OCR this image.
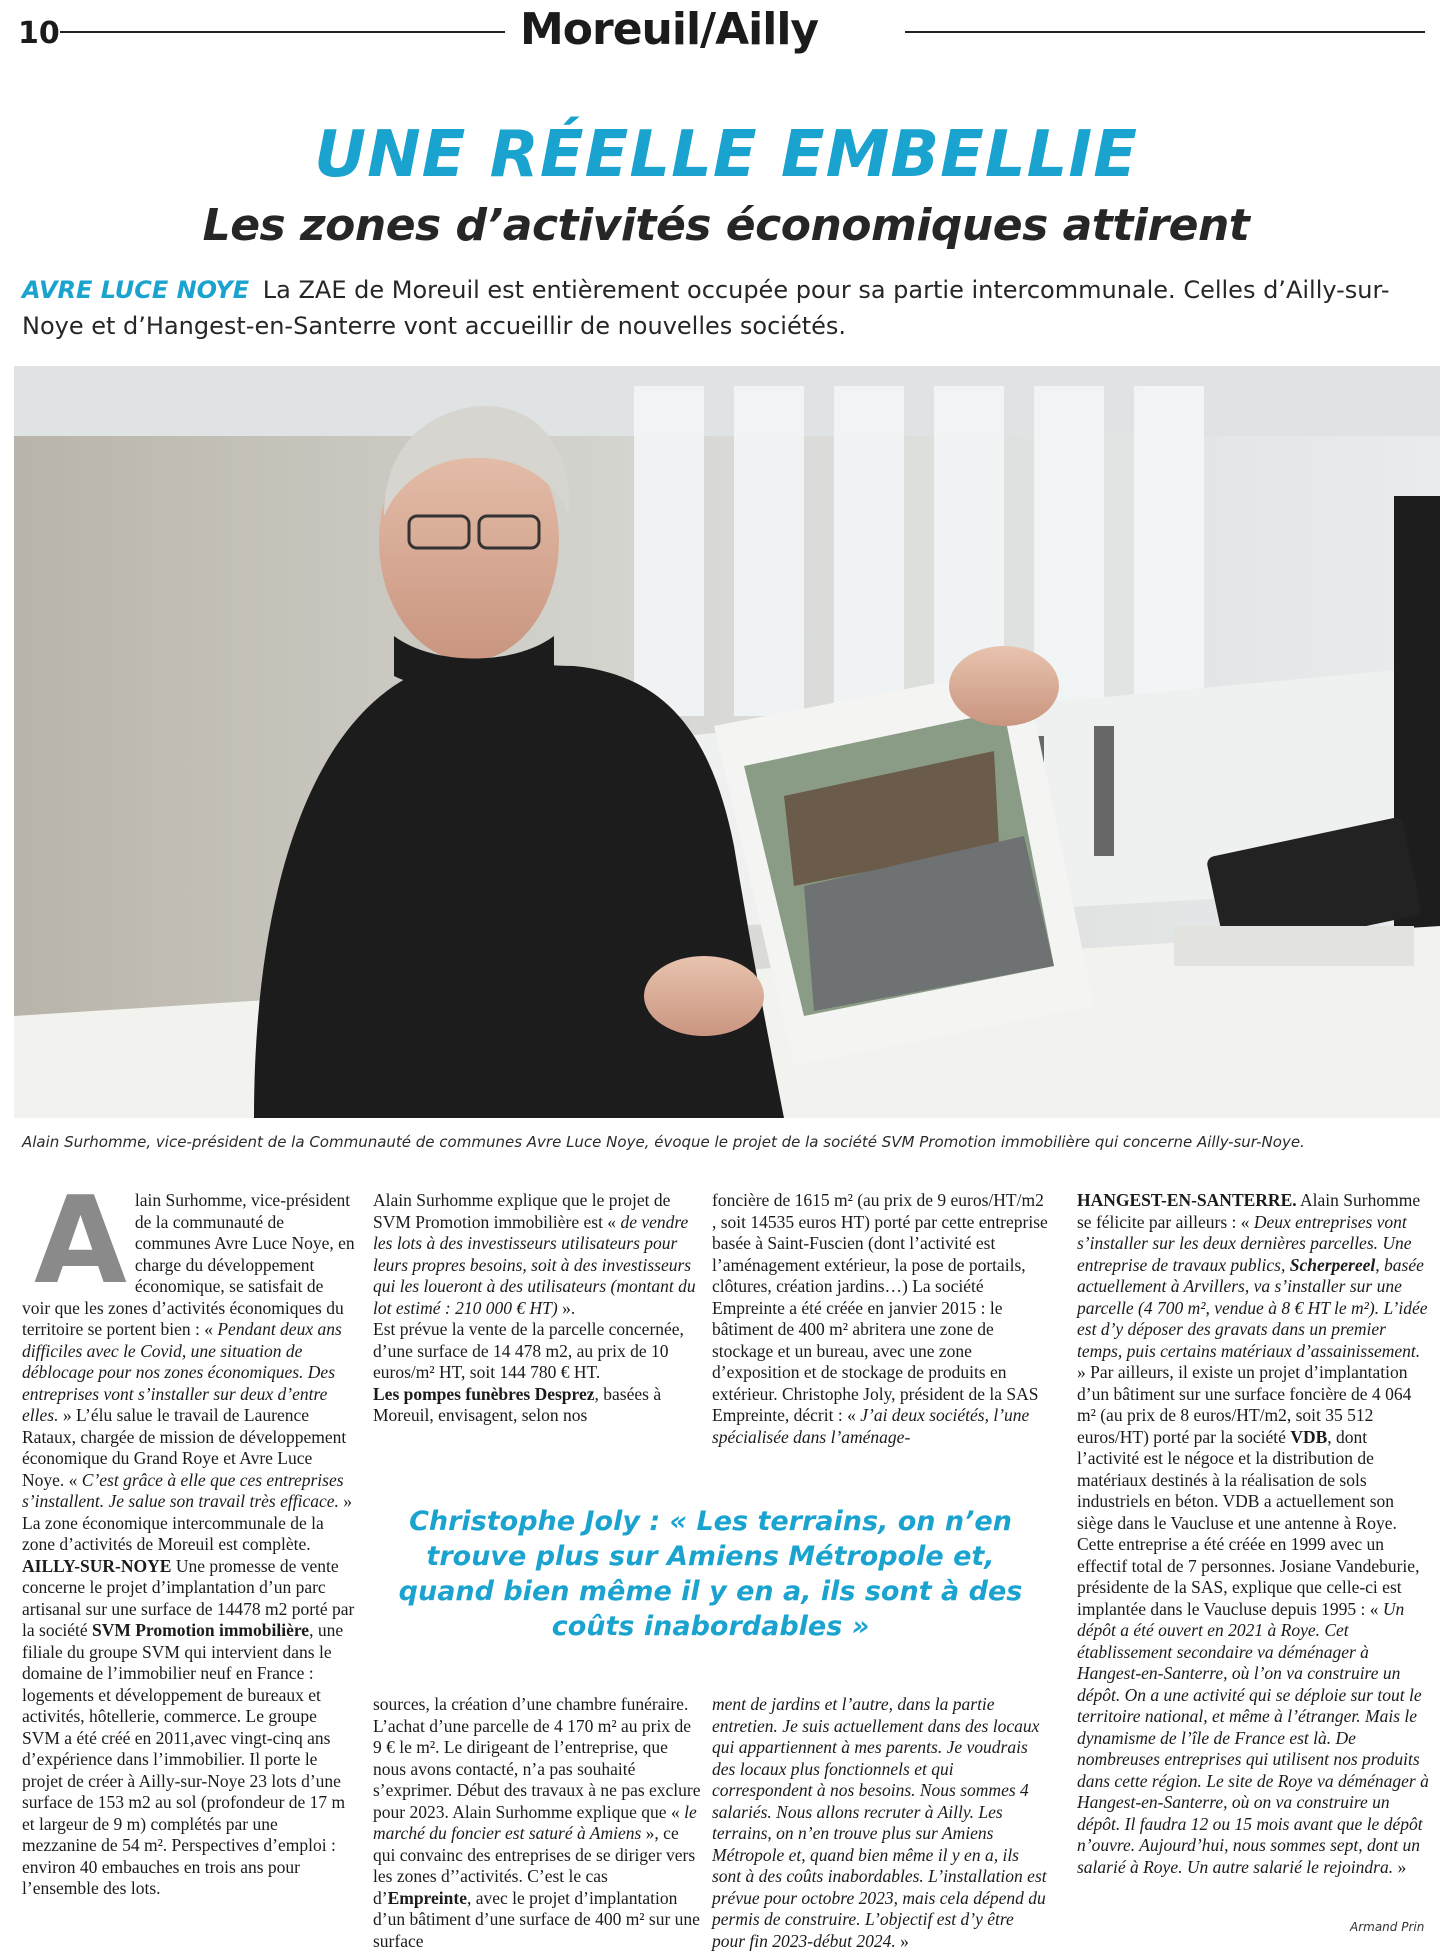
10	Moreuil/Ailly
UNE RÉELLE EMBELLIE
Les zones d’activités économiques attirent
AVRE LUCE NOYE La ZAE de Moreuil est entièrement occupée pour sa partie intercommunale. Celles d’Ailly-sur-Noye et d’Hangest-en-Santerre vont accueillir de nouvelles sociétés.
Alain Surhomme, vice-président de la Communauté de communes Avre Luce Noye, évoque le projet de la société SVM Promotion immobilière qui concerne Ailly-sur-Noye.

Alain Surhomme, vice-président de la communauté de communes Avre Luce Noye, en charge du développement économique, se satisfait de voir que les zones d’activités économiques du territoire se portent bien : « Pendant deux ans difficiles avec le Covid, une situation de déblocage pour nos zones économiques. Des entreprises vont s’installer sur deux d’entre elles. » L’élu salue le travail de Laurence Rataux, chargée de mission de développement économique du Grand Roye et Avre Luce Noye. « C’est grâce à elle que ces entreprises s’installent. Je salue son travail très efficace. »

La zone économique intercommunale de la zone d’activités de Moreuil est complète.

AILLY-SUR-NOYE Une promesse de vente concerne le projet d’implantation d’un parc artisanal sur une surface de 14478 m2 porté par la société SVM Promotion immobilière, une filiale du groupe SVM qui intervient dans le domaine de l’immobilier neuf en France : logements et développement de bureaux et activités, hôtellerie, commerce. Le groupe SVM a été créé en 2011,avec vingt-cinq ans d’expérience dans l’immobilier. Il porte le projet de créer à Ailly-sur-Noye 23 lots d’une surface de 153 m2 au sol (profondeur de 17 m et largeur de 9 m) complétés par une mezzanine de 54 m². Perspectives d’emploi : environ 40 embauches en trois ans pour l’ensemble des lots.

Alain Surhomme explique que le projet de SVM Promotion immobilière est « de vendre les lots à des investisseurs utilisateurs pour leurs propres besoins, soit à des investisseurs qui les loueront à des utilisateurs (montant du lot estimé : 210 000 € HT) ».

Est prévue la vente de la parcelle concernée, d’une surface de 14 478 m2, au prix de 10 euros/m² HT, soit 144 780 € HT.

Les pompes funèbres Desprez, basées à Moreuil, envisagent, selon nos

foncière de 1615 m² (au prix de 9 euros/HT/m2 , soit 14535 euros HT) porté par cette entreprise basée à Saint-Fuscien (dont l’activité est l’aménagement extérieur, la pose de portails, clôtures, création jardins…) La société Empreinte a été créée en janvier 2015 : le bâtiment de 400 m² abritera une zone de stockage et un bureau, avec une zone d’exposition et de stockage de produits en extérieur. Christophe Joly, président de la SAS Empreinte, décrit : « J’ai deux sociétés, l’une spécialisée dans l’aménage-

HANGEST-EN-SANTERRE. Alain Surhomme se félicite par ailleurs : « Deux entreprises vont s’installer sur les deux dernières parcelles. Une entreprise de travaux publics, Scherpereel, basée actuellement à Arvillers, va s’installer sur une parcelle (4 700 m², vendue à 8 € HT le m²). L’idée est d’y déposer des gravats dans un premier temps, puis certains matériaux d’assainissement. » Par ailleurs, il existe un projet d’implantation d’un bâtiment sur une surface foncière de 4 064 m² (au prix de 8 euros/HT/m2, soit 35 512 euros/HT) porté par la société VDB, dont l’activité est le négoce et la distribution de matériaux destinés à la réalisation de sols industriels en béton. VDB a actuellement son siège dans le Vaucluse et une antenne à Roye. Cette entreprise a été créée en 1999 avec un effectif total de 7 personnes. Josiane Vandeburie, présidente de la SAS, explique que celle-ci est implantée dans le Vaucluse depuis 1995 : « Un dépôt a été ouvert en 2021 à Roye. Cet établissement secondaire va déménager à Hangest-en-Santerre, où l’on va construire un dépôt. On a une activité qui se déploie sur tout le territoire national, et même à l’étranger. Mais le dynamisme de l’île de France est là. De nombreuses entreprises qui utilisent nos produits dans cette région. Le site de Roye va déménager à Hangest-en-Santerre, où on va construire un dépôt. Il faudra 12 ou 15 mois avant que le dépôt n’ouvre. Aujourd’hui, nous sommes sept, dont un salarié à Roye. Un autre salarié le rejoindra. »

Christophe Joly : « Les terrains, on n’en trouve plus sur Amiens Métropole et, quand bien même il y en a, ils sont à des coûts inabordables »

sources, la création d’une chambre funéraire. L’achat d’une parcelle de 4 170 m² au prix de 9 € le m². Le dirigeant de l’entreprise, que nous avons contacté, n’a pas souhaité s’exprimer. Début des travaux à ne pas exclure pour 2023. Alain Surhomme explique que « le marché du foncier est saturé à Amiens », ce qui convainc des entreprises de se diriger vers les zones d’’activités. C’est le cas d’Empreinte, avec le projet d’implantation d’un bâtiment d’une surface de 400 m² sur une surface

ment de jardins et l’autre, dans la partie entretien. Je suis actuellement dans des locaux qui appartiennent à mes parents. Je voudrais des locaux plus fonctionnels et qui correspondent à nos besoins. Nous sommes 4 salariés. Nous allons recruter à Ailly. Les terrains, on n’en trouve plus sur Amiens Métropole et, quand bien même il y en a, ils sont à des coûts inabordables. L’installation est prévue pour octobre 2023, mais cela dépend du permis de construire. L’objectif est d’y être pour fin 2023-début 2024. »

Armand Prin
